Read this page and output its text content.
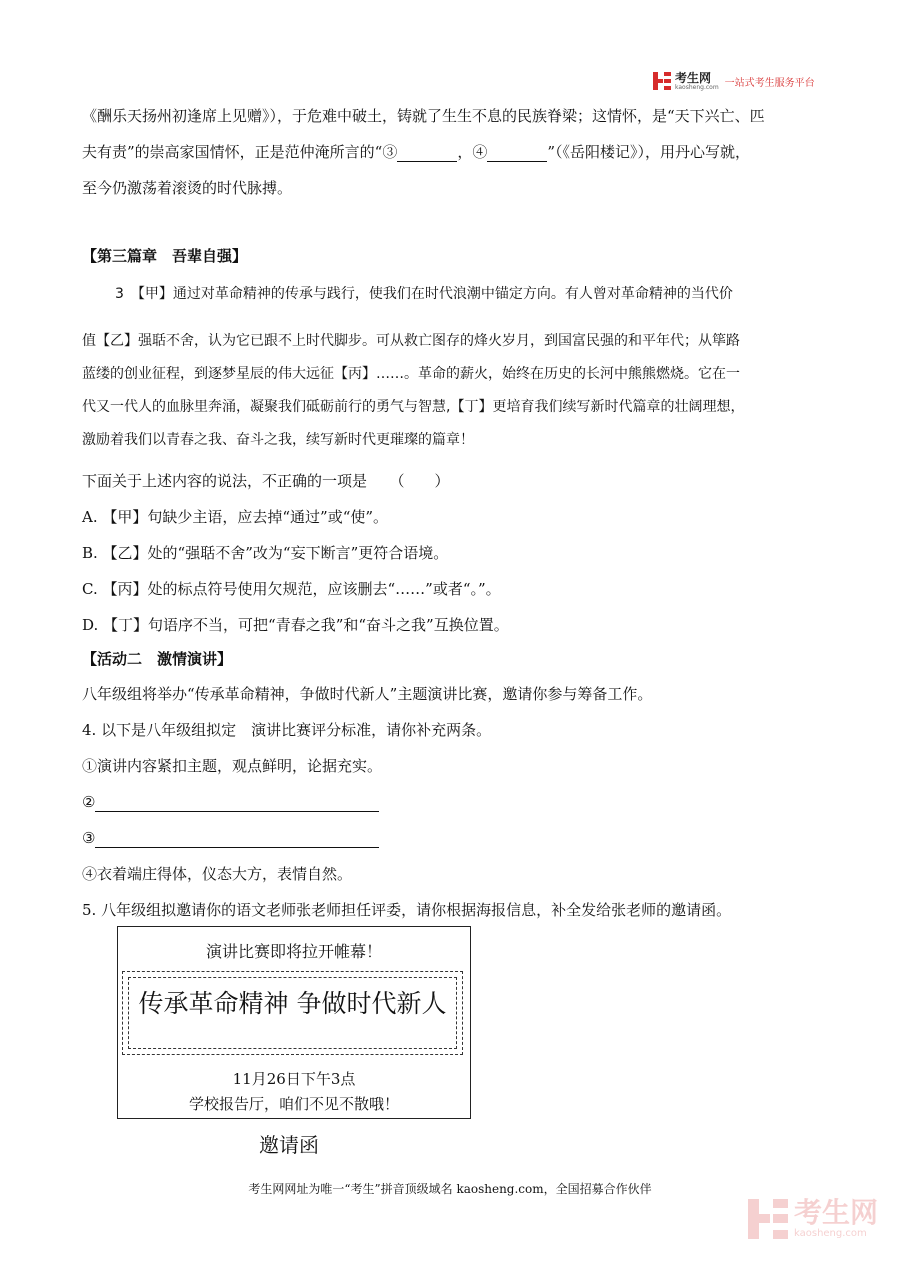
考生网
kaosheng.com 一站式考生服务平台
《酬乐天扬州初逢席上见赠》），于危难中破土，铸就了生生不息的民族脊梁；这情怀，是“天下兴亡、匹
夫有责”的崇高家国情怀，正是范仲淹所言的“③	，④	”（《岳阳楼记》），用丹心写就，
至今仍激荡着滚烫的时代脉搏。
【第三篇章　吾辈自强】
3　【甲】通过对革命精神的传承与践行，使我们在时代浪潮中锚定方向。有人曾对革命精神的当代价
值【乙】强聒不舍，认为它已跟不上时代脚步。可从救亡图存的烽火岁月，到国富民强的和平年代；从筚路
蓝缕的创业征程，到逐梦星辰的伟大远征【丙】……。革命的薪火，始终在历史的长河中熊熊燃烧。它在一
代又一代人的血脉里奔涌，凝聚我们砥砺前行的勇气与智慧,【丁】更培育我们续写新时代篇章的壮阔理想，
激励着我们以青春之我、奋斗之我，续写新时代更璀璨的篇章！
下面关于上述内容的说法，不正确的一项是　　（　　）
A. 【甲】句缺少主语，应去掉“通过”或“使”。
B. 【乙】处的“强聒不舍”改为“妄下断言”更符合语境。
C. 【丙】处的标点符号使用欠规范，应该删去“……”或者“。”。
D. 【丁】句语序不当，可把“青春之我”和“奋斗之我”互换位置。
【活动二　激情演讲】
八年级组将举办“传承革命精神，争做时代新人”主题演讲比赛，邀请你参与筹备工作。
4. 以下是八年级组拟定　演讲比赛评分标准，请你补充两条。
①演讲内容紧扣主题，观点鲜明，论据充实。
②
③
④衣着端庄得体，仪态大方，表情自然。
5. 八年级组拟邀请你的语文老师张老师担任评委，请你根据海报信息，补全发给张老师的邀请函。
演讲比赛即将拉开帷幕！
传承革命精神 争做时代新人
11月26日下午3点
学校报告厅，咱们不见不散哦！
邀请函
考生网网址为唯一“考生”拼音顶级域名 kaosheng.com，全国招募合作伙伴
考生网
kaosheng.com
